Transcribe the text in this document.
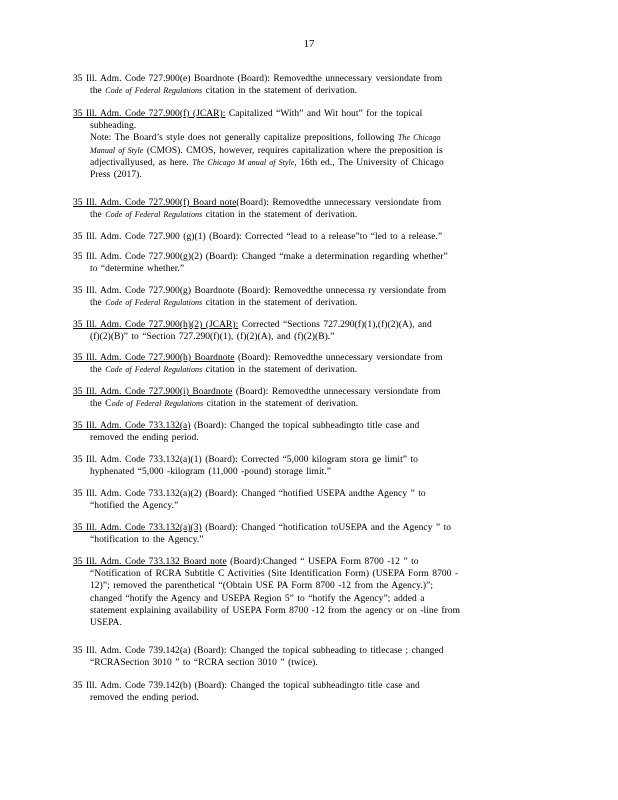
17
35 Ill. Adm. Code 727.900(e) Boardnote (Board): Removedthe unnecessary versiondate from
the Code of Federal Regulations citation in the statement of derivation.
35 Ill. Adm. Code 727.900(f) (JCAR): Capitalized “With” and Wit hout” for the topical
subheading.
Note: The Board’s style does not generally capitalize prepositions, following The Chicago
Manual of Style (CMOS). CMOS, however, requires capitalization where the preposition is
adjectivallyused, as here. The Chicago M anual of Style, 16th ed., The University of Chicago
Press (2017).
35 Ill. Adm. Code 727.900(f) Board note(Board): Removedthe unnecessary versiondate from
the Code of Federal Regulations citation in the statement of derivation.
35 Ill. Adm. Code 727.900 (g)(1) (Board): Corrected “lead to a release”to “led to a release.”
35 Ill. Adm. Code 727.900(g)(2) (Board): Changed “make a determination regarding whether”
to “determine whether.”
35 Ill. Adm. Code 727.900(g) Boardnote (Board): Removedthe unnecessa ry versiondate from
the Code of Federal Regulations citation in the statement of derivation.
35 Ill. Adm. Code 727.900(h)(2) (JCAR): Corrected “Sections 727.290(f)(1),(f)(2)(A), and
(f)(2)(B)” to “Section 727.290(f)(1), (f)(2)(A), and (f)(2)(B).”
35 Ill. Adm. Code 727.900(h) Boardnote (Board): Removedthe unnecessary versiondate from
the Code of Federal Regulations citation in the statement of derivation.
35 Ill. Adm. Code 727.900(i) Boardnote (Board): Removedthe unnecessary versiondate from
the Code of Federal Regulations citation in the statement of derivation.
35 Ill. Adm. Code 733.132(a) (Board): Changed the topical subheadingto title case and
removed the ending period.
35 Ill. Adm. Code 733.132(a)(1) (Board): Corrected “5,000 kilogram stora ge limit” to
hyphenated “5,000 -kilogram (11,000 -pound) storage limit.”
35 Ill. Adm. Code 733.132(a)(2) (Board): Changed “hotified USEPA andthe Agency ” to
“hotified the Agency.”
35 Ill. Adm. Code 733.132(a)(3) (Board): Changed “hotification toUSEPA and the Agency ” to
“hotification to the Agency.”
35 Ill. Adm. Code 733.132 Board note (Board):Changed “ USEPA Form 8700 -12 ” to
“Notification of RCRA Subtitle C Activities (Site Identification Form) (USEPA Form 8700 -
12)”; removed the parenthetical “(Obtain USE PA Form 8700 -12 from the Agency.)”;
changed “hotify the Agency and USEPA Region 5” to “hotify the Agency”; added a
statement explaining availability of USEPA Form 8700 -12 from the agency or on -line from
USEPA.
35 Ill. Adm. Code 739.142(a) (Board): Changed the topical subheading to titlecase ; changed
“RCRASection 3010 ” to “RCRA section 3010 ” (twice).
35 Ill. Adm. Code 739.142(b) (Board): Changed the topical subheadingto title case and
removed the ending period.
